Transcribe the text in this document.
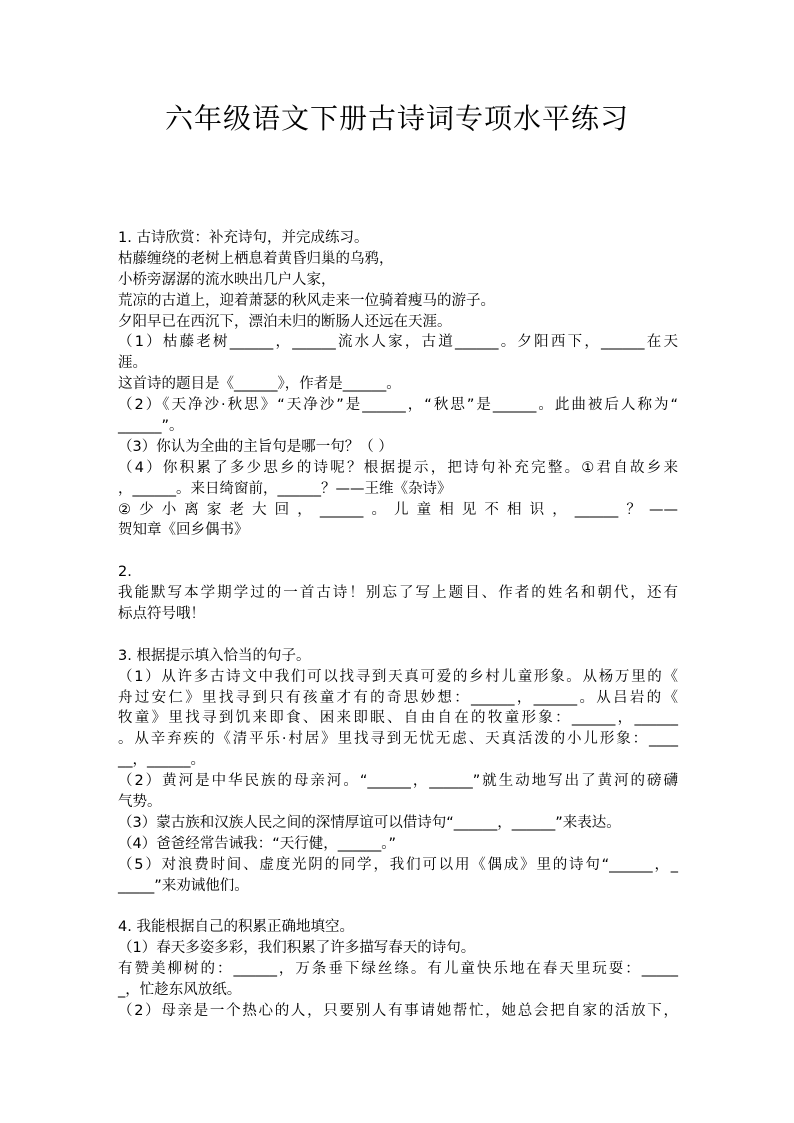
六年级语文下册古诗词专项水平练习
1. 古诗欣赏：补充诗句，并完成练习。
枯藤缠绕的老树上栖息着黄昏归巢的乌鸦，
小桥旁潺潺的流水映出几户人家，
荒凉的古道上，迎着萧瑟的秋风走来一位骑着瘦马的游子。
夕阳早已在西沉下，漂泊未归的断肠人还远在天涯。
（1）枯藤老树______，______流水人家，古道______。夕阳西下，______在天
涯。
这首诗的题目是《______》，作者是______。
（2）《天净沙·秋思》“天净沙”是______，“秋思”是______。此曲被后人称为“
______”。
（3）你认为全曲的主旨句是哪一句？（ ）
（4）你积累了多少思乡的诗呢？根据提示，把诗句补充完整。①君自故乡来
，______。来日绮窗前，______？——王维《杂诗》
②少小离家老大回，______。儿童相见不相识，______？——
贺知章《回乡偶书》
2.
我能默写本学期学过的一首古诗！别忘了写上题目、作者的姓名和朝代，还有
标点符号哦！
3. 根据提示填入恰当的句子。
（1）从许多古诗文中我们可以找寻到天真可爱的乡村儿童形象。从杨万里的《
舟过安仁》里找寻到只有孩童才有的奇思妙想：______，______。从吕岩的《
牧童》里找寻到饥来即食、困来即眠、自由自在的牧童形象：______，______
。从辛弃疾的《清平乐·村居》里找寻到无忧无虑、天真活泼的小儿形象：____
__，______。
（2）黄河是中华民族的母亲河。“______，______”就生动地写出了黄河的磅礴
气势。
（3）蒙古族和汉族人民之间的深情厚谊可以借诗句“______，______”来表达。
（4）爸爸经常告诫我：“天行健，______。”
（5）对浪费时间、虚度光阴的同学，我们可以用《偶成》里的诗句“______，_
_____”来劝诫他们。
4. 我能根据自己的积累正确地填空。
（1）春天多姿多彩，我们积累了许多描写春天的诗句。
有赞美柳树的：______，万条垂下绿丝绦。有儿童快乐地在春天里玩耍：_____
_，忙趁东风放纸。
（2）母亲是一个热心的人，只要别人有事请她帮忙，她总会把自家的活放下，
